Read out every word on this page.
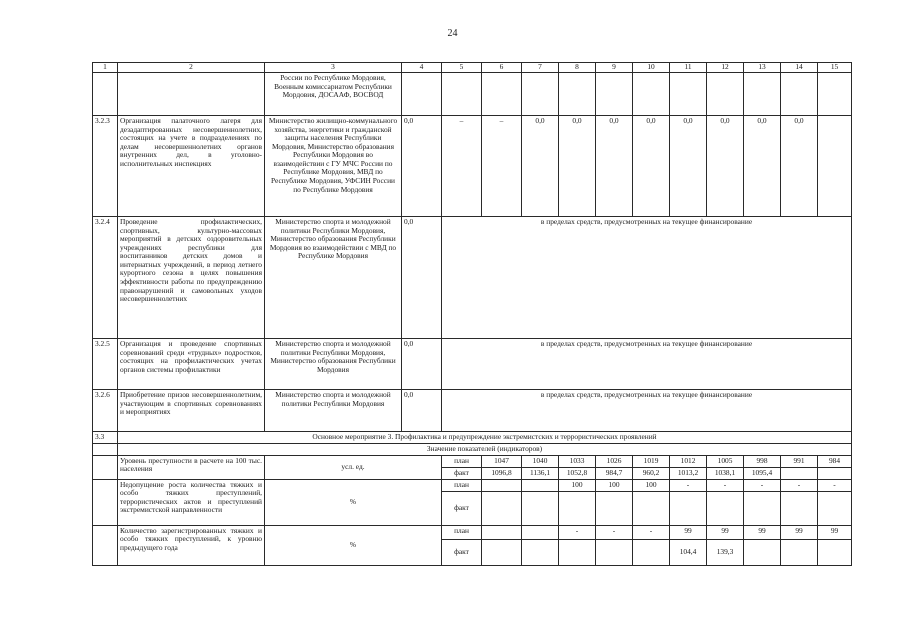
24
1	2	3	4	5	6	7	8	9	10	11	12	13	14	15
		России по Республике Мордовия, Военным комиссариатом Республики Мордовия, ДОСААФ, ВОСВОД												
3.2.3	Организация палаточного лагеря для дезадаптированных несовершеннолетних, состоящих на учете в подразделениях по делам несовершеннолетних органов внутренних дел, в уголовно-исполнительных инспекциях	Министерство жилищно-коммунального хозяйства, энергетики и гражданской защиты населения Республики Мордовия, Министерство образования Республики Мордовия во взаимодействии с ГУ МЧС России по Республике Мордовия, МВД по Республике Мордовия, УФСИН России по Республике Мордовия	0,0	–	–	0,0	0,0	0,0	0,0	0,0	0,0	0,0	0,0	
3.2.4	Проведение профилактических, спортивных, культурно-массовых мероприятий в детских оздоровительных учреждениях республики для воспитанников детских домов и интернатных учреждений, в период летнего курортного сезона в целях повышения эффективности работы по предупреждению правонарушений и самовольных уходов несовершеннолетних	Министерство спорта и молодежной политики Республики Мордовия, Министерство образования Республики Мордовия во взаимодействии с МВД по Республике Мордовия	0,0	в пределах средств, предусмотренных на текущее финансирование										
3.2.5	Организация и проведение спортивных соревнований среди «трудных» подростков, состоящих на профилактических учетах органов системы профилактики	Министерство спорта и молодежной политики Республики Мордовия, Министерство образования Республики Мордовия	0,0	в пределах средств, предусмотренных на текущее финансирование										
3.2.6	Приобретение призов несовершеннолетним, участвующим в спортивных соревнованиях и мероприятиях	Министерство спорта и молодежной политики Республики Мордовия	0,0	в пределах средств, предусмотренных на текущее финансирование										
3.3	Основное мероприятие 3. Профилактика и предупреждение экстремистских и террористических проявлений													
	Значение показателей (индикаторов)													
	Уровень преступности в расчете на 100 тыс. населения	усл. ед.		план	1047	1040	1033	1026	1019	1012	1005	998	991	984
				факт	1096,8	1136,1	1052,8	984,7	960,2	1013,2	1038,1	1095,4		
	Недопущение роста количества тяжких и особо тяжких преступлений, террористических актов и преступлений экстремистской направленности	%		план			100	100	100	-	-	-	-	-
				факт										
	Количество зарегистрированных тяжких и особо тяжких преступлений, к уровню предыдущего года	%		план			-	-	-	99	99	99	99	99
				факт						104,4	139,3			
